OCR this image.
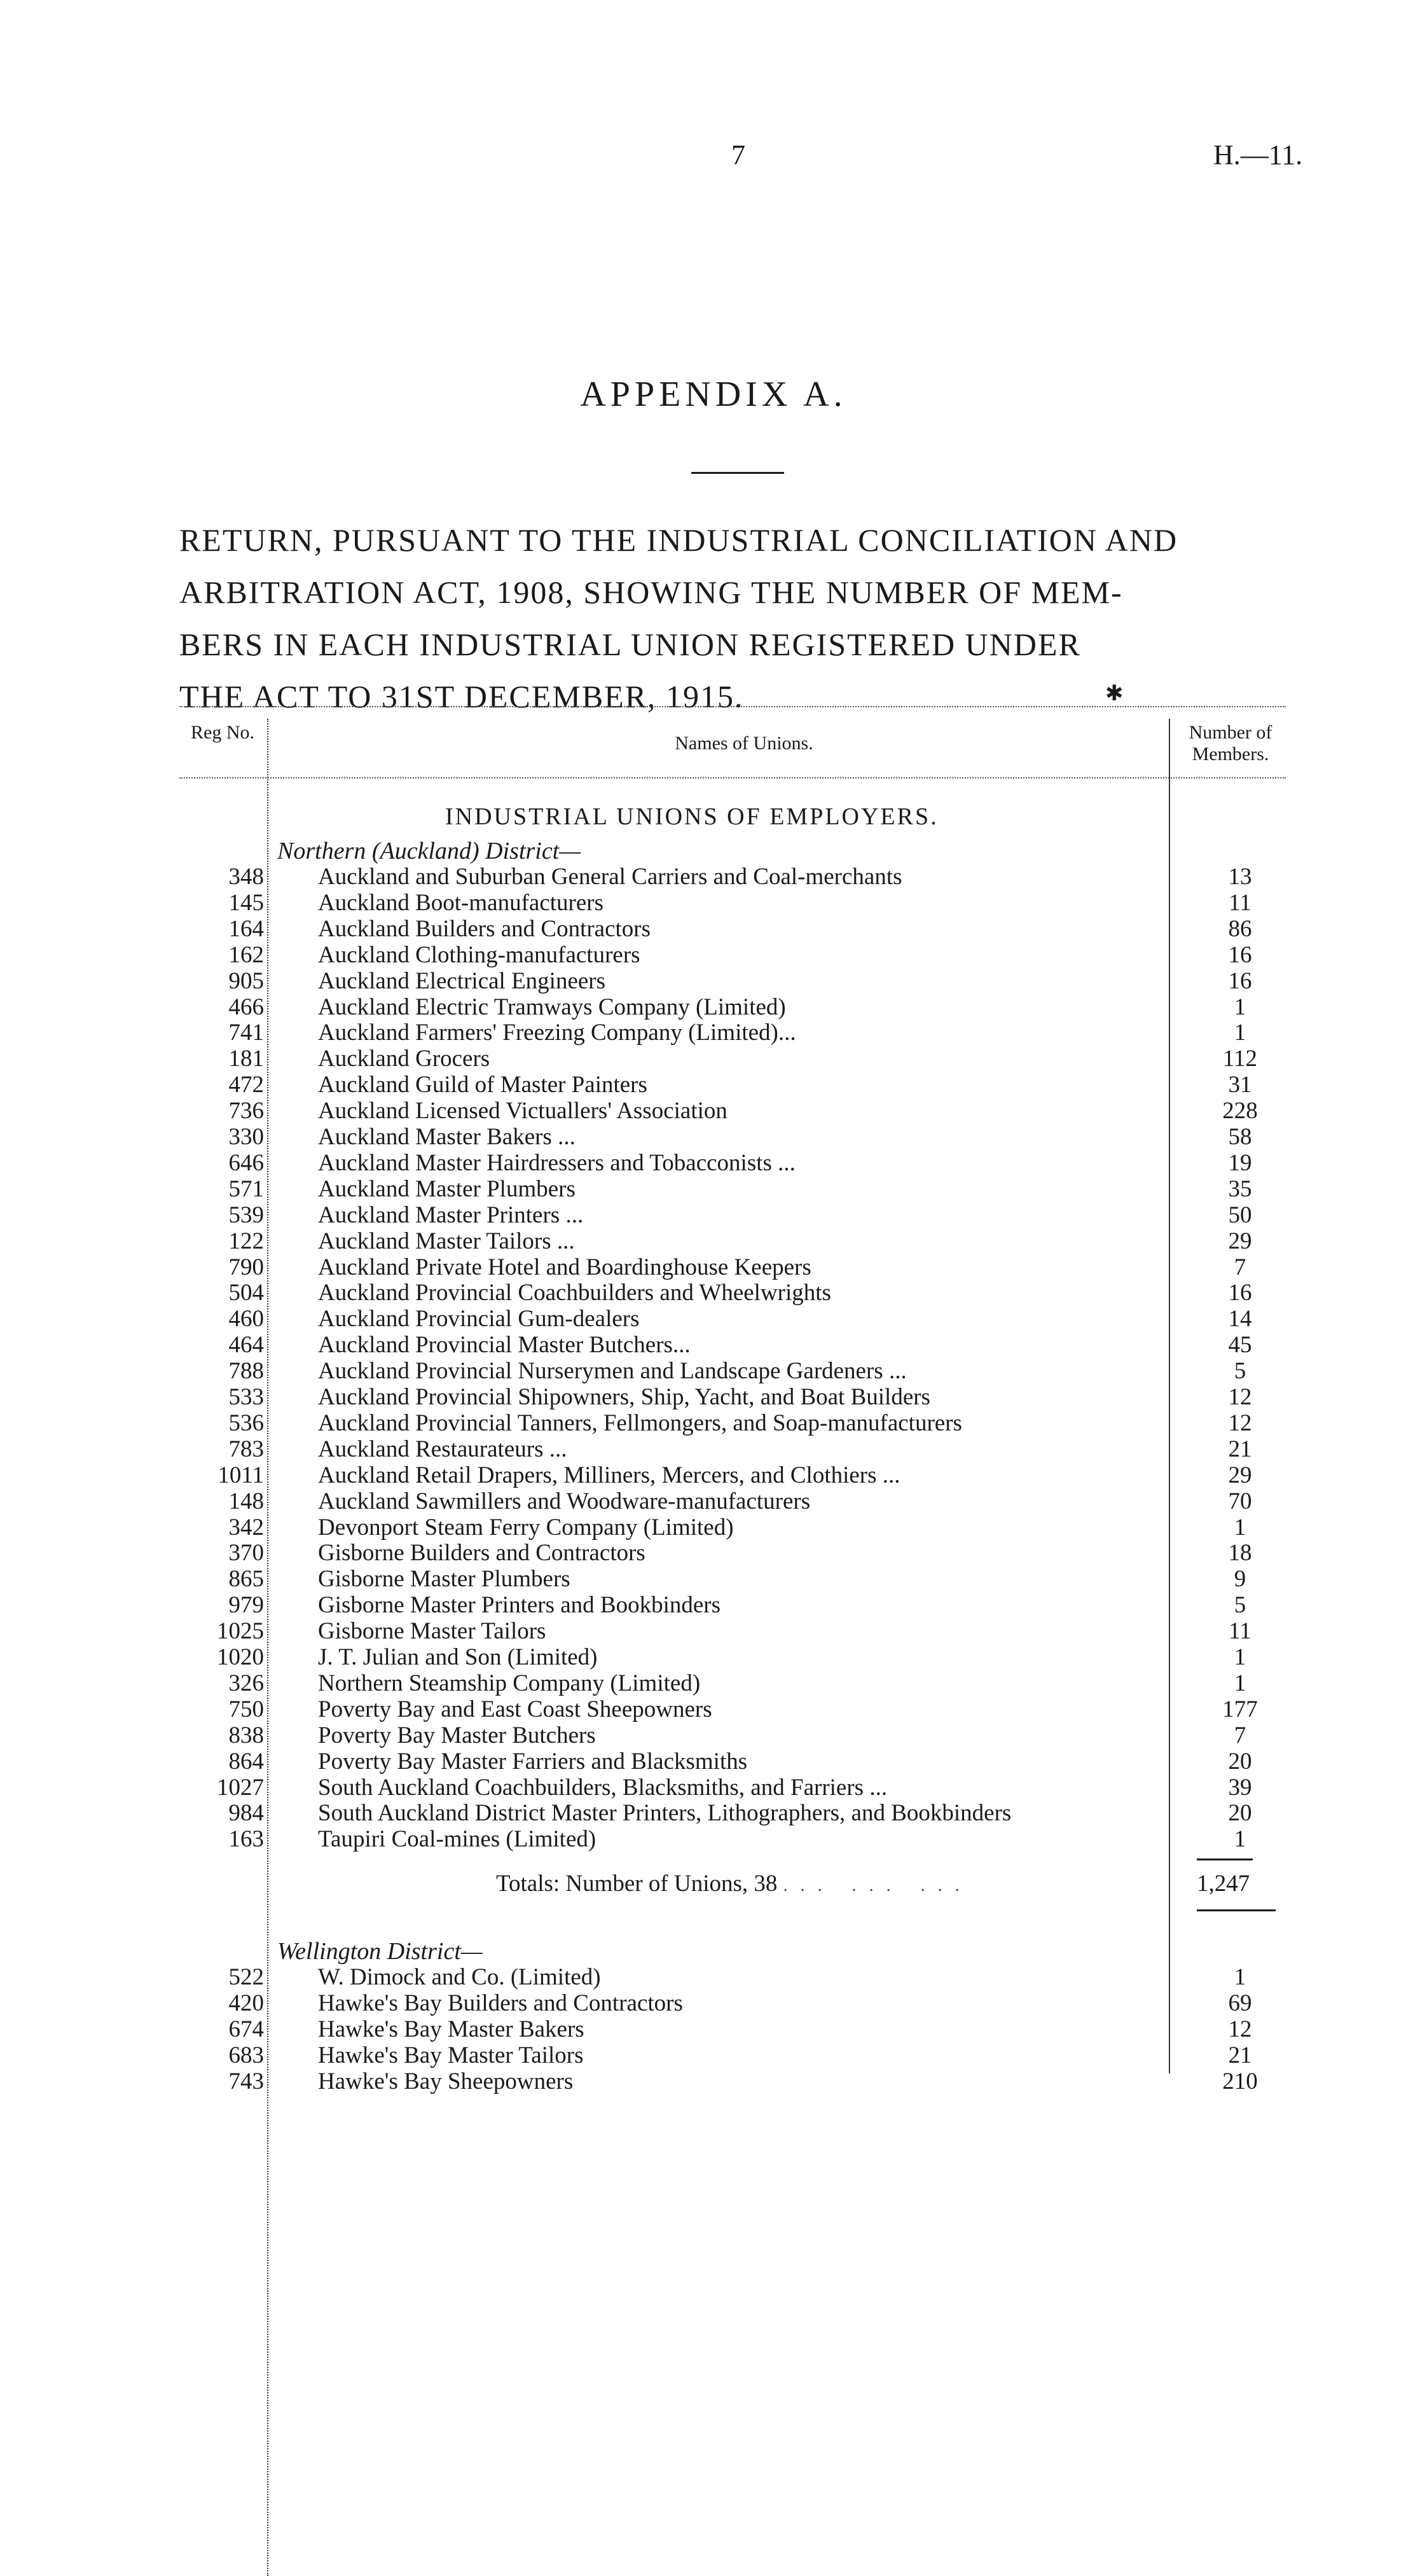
7	H.—11.
APPENDIX A.
RETURN, PURSUANT TO THE INDUSTRIAL CONCILIATION AND
ARBITRATION ACT, 1908, SHOWING THE NUMBER OF MEM-
BERS IN EACH INDUSTRIAL UNION REGISTERED UNDER
THE ACT TO 31ST DECEMBER, 1915.	✱
Reg No.
Names of Unions.
Number of Members.
INDUSTRIAL UNIONS OF EMPLOYERS.
Northern (Auckland) District—
348 Auckland and Suburban General Carriers and Coal-merchants	13
145 Auckland Boot-manufacturers	11
164 Auckland Builders and Contractors	86
162 Auckland Clothing-manufacturers	16
905 Auckland Electrical Engineers	16
466 Auckland Electric Tramways Company (Limited)	1
741 Auckland Farmers' Freezing Company (Limited)...	1
181 Auckland Grocers	112
472 Auckland Guild of Master Painters	31
736 Auckland Licensed Victuallers' Association	228
330 Auckland Master Bakers ...	58
646 Auckland Master Hairdressers and Tobacconists ...	19
571 Auckland Master Plumbers	35
539 Auckland Master Printers ...	50
122 Auckland Master Tailors ...	29
790 Auckland Private Hotel and Boardinghouse Keepers	7
504 Auckland Provincial Coachbuilders and Wheelwrights	16
460 Auckland Provincial Gum-dealers	14
464 Auckland Provincial Master Butchers...	45
788 Auckland Provincial Nurserymen and Landscape Gardeners ...	5
533 Auckland Provincial Shipowners, Ship, Yacht, and Boat Builders	12
536 Auckland Provincial Tanners, Fellmongers, and Soap-manufacturers	12
783 Auckland Restaurateurs ...	21
1011 Auckland Retail Drapers, Milliners, Mercers, and Clothiers ...	29
148 Auckland Sawmillers and Woodware-manufacturers	70
342 Devonport Steam Ferry Company (Limited)	1
370 Gisborne Builders and Contractors	18
865 Gisborne Master Plumbers	9
979 Gisborne Master Printers and Bookbinders	5
1025 Gisborne Master Tailors	11
1020 J. T. Julian and Son (Limited)	1
326 Northern Steamship Company (Limited)	1
750 Poverty Bay and East Coast Sheepowners	177
838 Poverty Bay Master Butchers	7
864 Poverty Bay Master Farriers and Blacksmiths	20
1027 South Auckland Coachbuilders, Blacksmiths, and Farriers ...	39
984 South Auckland District Master Printers, Lithographers, and Bookbinders	20
163 Taupiri Coal-mines (Limited)	1
Totals: Number of Unions, 38 ... ... ...	1,247
Wellington District—
522 W. Dimock and Co. (Limited)	1
420 Hawke's Bay Builders and Contractors	69
674 Hawke's Bay Master Bakers	12
683 Hawke's Bay Master Tailors	21
743 Hawke's Bay Sheepowners	210
